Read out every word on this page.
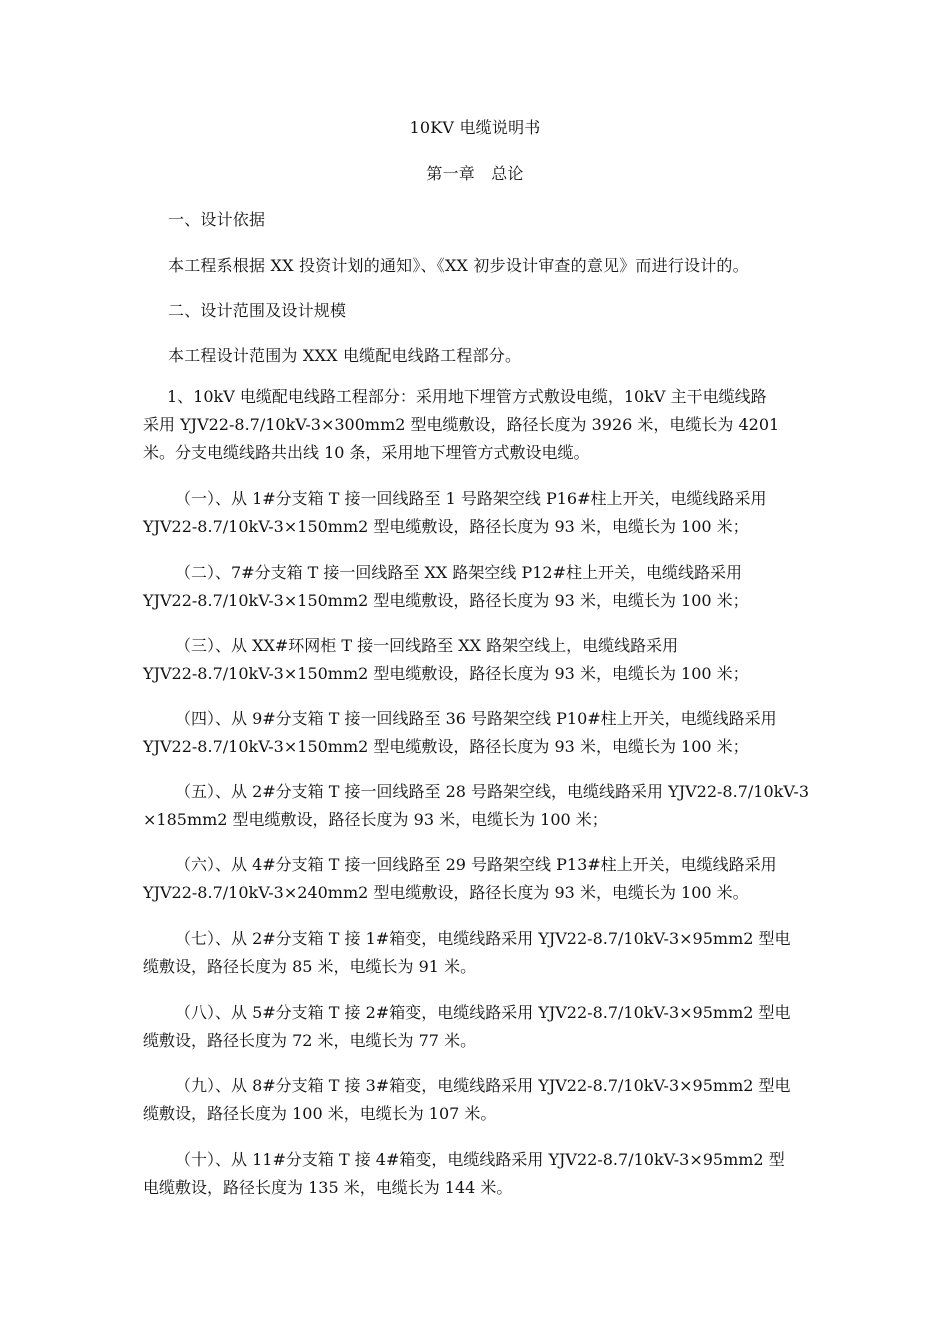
10KV 电缆说明书
第一章　总论
一、设计依据
本工程系根据 XX 投资计划的通知》、《XX 初步设计审查的意见》而进行设计的。
二、设计范围及设计规模
本工程设计范围为 XXX 电缆配电线路工程部分。
1、10kV 电缆配电线路工程部分：采用地下埋管方式敷设电缆，10kV 主干电缆线路
采用 YJV22-8.7/10kV-3×300mm2 型电缆敷设，路径长度为 3926 米，电缆长为 4201
米。分支电缆线路共出线 10 条，采用地下埋管方式敷设电缆。
（一）、从 1#分支箱 T 接一回线路至 1 号路架空线 P16#柱上开关，电缆线路采用
YJV22-8.7/10kV-3×150mm2 型电缆敷设，路径长度为 93 米，电缆长为 100 米；
（二）、7#分支箱 T 接一回线路至 XX 路架空线 P12#柱上开关，电缆线路采用
YJV22-8.7/10kV-3×150mm2 型电缆敷设，路径长度为 93 米，电缆长为 100 米；
（三）、从 XX#环网柜 T 接一回线路至 XX 路架空线上，电缆线路采用
YJV22-8.7/10kV-3×150mm2 型电缆敷设，路径长度为 93 米，电缆长为 100 米；
（四）、从 9#分支箱 T 接一回线路至 36 号路架空线 P10#柱上开关，电缆线路采用
YJV22-8.7/10kV-3×150mm2 型电缆敷设，路径长度为 93 米，电缆长为 100 米；
（五）、从 2#分支箱 T 接一回线路至 28 号路架空线，电缆线路采用 YJV22-8.7/10kV-3
×185mm2 型电缆敷设，路径长度为 93 米，电缆长为 100 米；
（六）、从 4#分支箱 T 接一回线路至 29 号路架空线 P13#柱上开关，电缆线路采用
YJV22-8.7/10kV-3×240mm2 型电缆敷设，路径长度为 93 米，电缆长为 100 米。
（七）、从 2#分支箱 T 接 1#箱变，电缆线路采用 YJV22-8.7/10kV-3×95mm2 型电
缆敷设，路径长度为 85 米，电缆长为 91 米。
（八）、从 5#分支箱 T 接 2#箱变，电缆线路采用 YJV22-8.7/10kV-3×95mm2 型电
缆敷设，路径长度为 72 米，电缆长为 77 米。
（九）、从 8#分支箱 T 接 3#箱变，电缆线路采用 YJV22-8.7/10kV-3×95mm2 型电
缆敷设，路径长度为 100 米，电缆长为 107 米。
（十）、从 11#分支箱 T 接 4#箱变，电缆线路采用 YJV22-8.7/10kV-3×95mm2 型
电缆敷设，路径长度为 135 米，电缆长为 144 米。
